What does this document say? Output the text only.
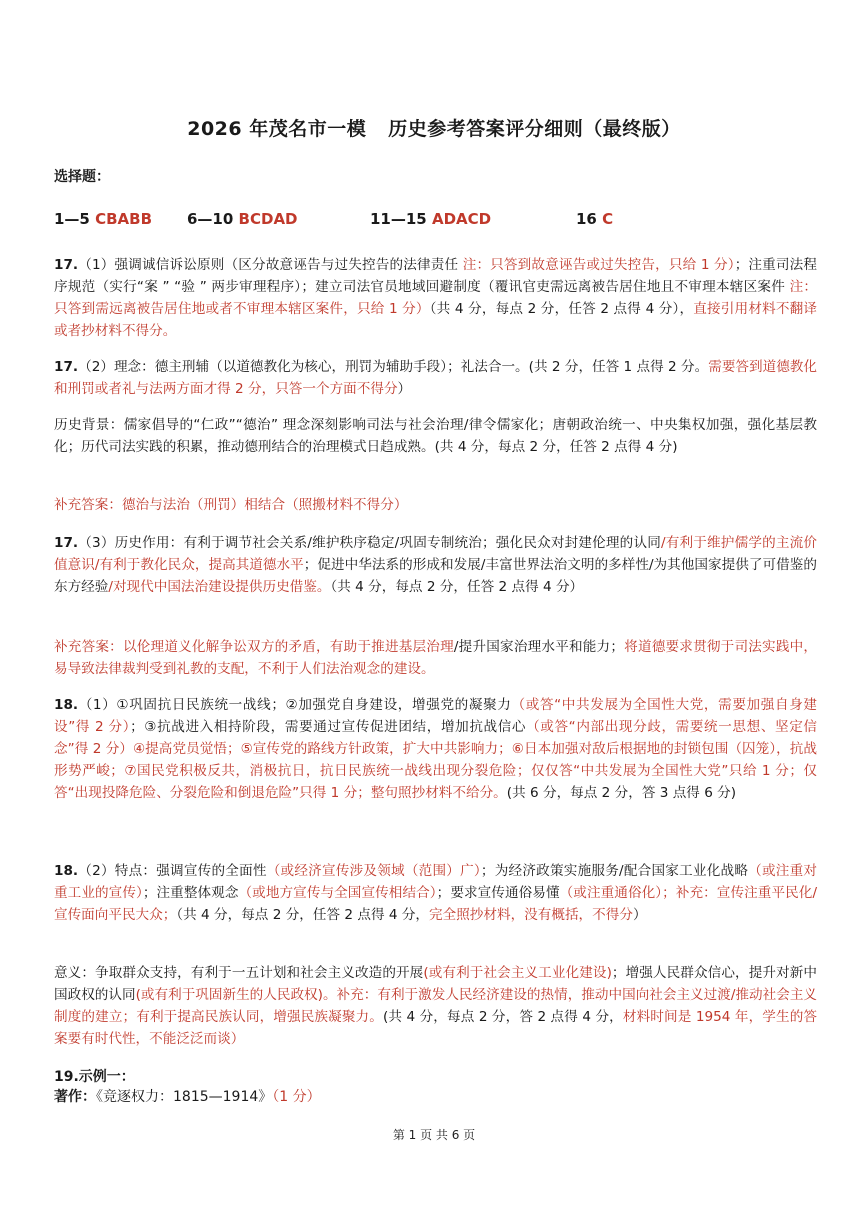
2026 年茂名市一模 历史参考答案评分细则（最终版）
选择题：
1—5 CBABB 6—10 BCDAD	11—15 ADACD	16 C
17.（1）强调诚信诉讼原则（区分故意诬告与过失控告的法律责任 注：只答到故意诬告或过失控告，只给 1 分）；注重司法程序规范（实行“案 ” “验 ” 两步审理程序）；建立司法官员地域回避制度（覆讯官吏需远离被告居住地且不审理本辖区案件 注：只答到需远离被告居住地或者不审理本辖区案件，只给 1 分）（共 4 分，每点 2 分，任答 2 点得 4 分），直接引用材料不翻译或者抄材料不得分。
17.（2）理念：德主刑辅（以道德教化为核心，刑罚为辅助手段）；礼法合一。(共 2 分，任答 1 点得 2 分。需要答到道德教化和刑罚或者礼与法两方面才得 2 分，只答一个方面不得分）
历史背景：儒家倡导的“仁政”“德治” 理念深刻影响司法与社会治理/律令儒家化；唐朝政治统一、中央集权加强，强化基层教化；历代司法实践的积累，推动德刑结合的治理模式日趋成熟。(共 4 分，每点 2 分，任答 2 点得 4 分)
补充答案：德治与法治（刑罚）相结合（照搬材料不得分）
17.（3）历史作用：有利于调节社会关系/维护秩序稳定/巩固专制统治；强化民众对封建伦理的认同/有利于维护儒学的主流价值意识/有利于教化民众，提高其道德水平；促进中华法系的形成和发展/丰富世界法治文明的多样性/为其他国家提供了可借鉴的东方经验/对现代中国法治建设提供历史借鉴。（共 4 分，每点 2 分，任答 2 点得 4 分）
补充答案：以伦理道义化解争讼双方的矛盾，有助于推进基层治理/提升国家治理水平和能力；将道德要求贯彻于司法实践中，易导致法律裁判受到礼教的支配，不利于人们法治观念的建设。
18.（1）①巩固抗日民族统一战线；②加强党自身建设，增强党的凝聚力（或答“中共发展为全国性大党，需要加强自身建设”得 2 分）；③抗战进入相持阶段，需要通过宣传促进团结，增加抗战信心（或答“内部出现分歧，需要统一思想、坚定信念”得 2 分）④提高党员觉悟；⑤宣传党的路线方针政策，扩大中共影响力；⑥日本加强对敌后根据地的封锁包围（囚笼），抗战形势严峻；⑦国民党积极反共，消极抗日，抗日民族统一战线出现分裂危险；仅仅答“中共发展为全国性大党”只给 1 分；仅答“出现投降危险、分裂危险和倒退危险”只得 1 分；整句照抄材料不给分。(共 6 分，每点 2 分，答 3 点得 6 分)
18.（2）特点：强调宣传的全面性（或经济宣传涉及领域（范围）广）；为经济政策实施服务/配合国家工业化战略（或注重对重工业的宣传）；注重整体观念（或地方宣传与全国宣传相结合）；要求宣传通俗易懂（或注重通俗化）；补充：宣传注重平民化/宣传面向平民大众；（共 4 分，每点 2 分，任答 2 点得 4 分，完全照抄材料，没有概括，不得分）
意义：争取群众支持，有利于一五计划和社会主义改造的开展(或有利于社会主义工业化建设)；增强人民群众信心，提升对新中国政权的认同(或有利于巩固新生的人民政权)。补充：有利于激发人民经济建设的热情，推动中国向社会主义过渡/推动社会主义制度的建立；有利于提高民族认同，增强民族凝聚力。(共 4 分，每点 2 分，答 2 点得 4 分，材料时间是 1954 年，学生的答案要有时代性，不能泛泛而谈）
19.示例一：
著作：《竞逐权力：1815—1914》（1 分）
第 1 页 共 6 页
